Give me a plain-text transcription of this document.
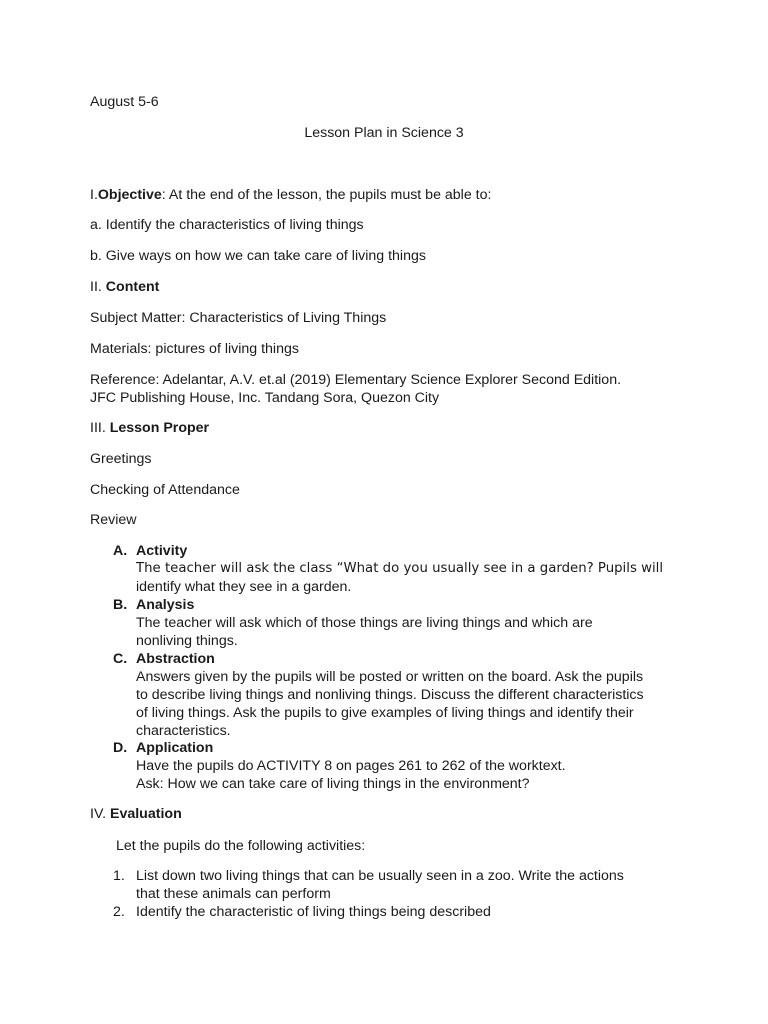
August 5-6
Lesson Plan in Science 3
I.Objective: At the end of the lesson, the pupils must be able to:
a. Identify the characteristics of living things
b. Give ways on how we can take care of living things
II. Content
Subject Matter: Characteristics of Living Things
Materials: pictures of living things
Reference: Adelantar, A.V. et.al (2019) Elementary Science Explorer Second Edition.
JFC Publishing House, Inc. Tandang Sora, Quezon City
III. Lesson Proper
Greetings
Checking of Attendance
Review
A. Activity
The teacher will ask the class “What do you usually see in a garden? Pupils will
identify what they see in a garden.
B. Analysis
The teacher will ask which of those things are living things and which are
nonliving things.
C. Abstraction
Answers given by the pupils will be posted or written on the board. Ask the pupils
to describe living things and nonliving things. Discuss the different characteristics
of living things. Ask the pupils to give examples of living things and identify their
characteristics.
D. Application
Have the pupils do ACTIVITY 8 on pages 261 to 262 of the worktext.
Ask: How we can take care of living things in the environment?
IV. Evaluation
Let the pupils do the following activities:
1. List down two living things that can be usually seen in a zoo. Write the actions
that these animals can perform
2. Identify the characteristic of living things being described
